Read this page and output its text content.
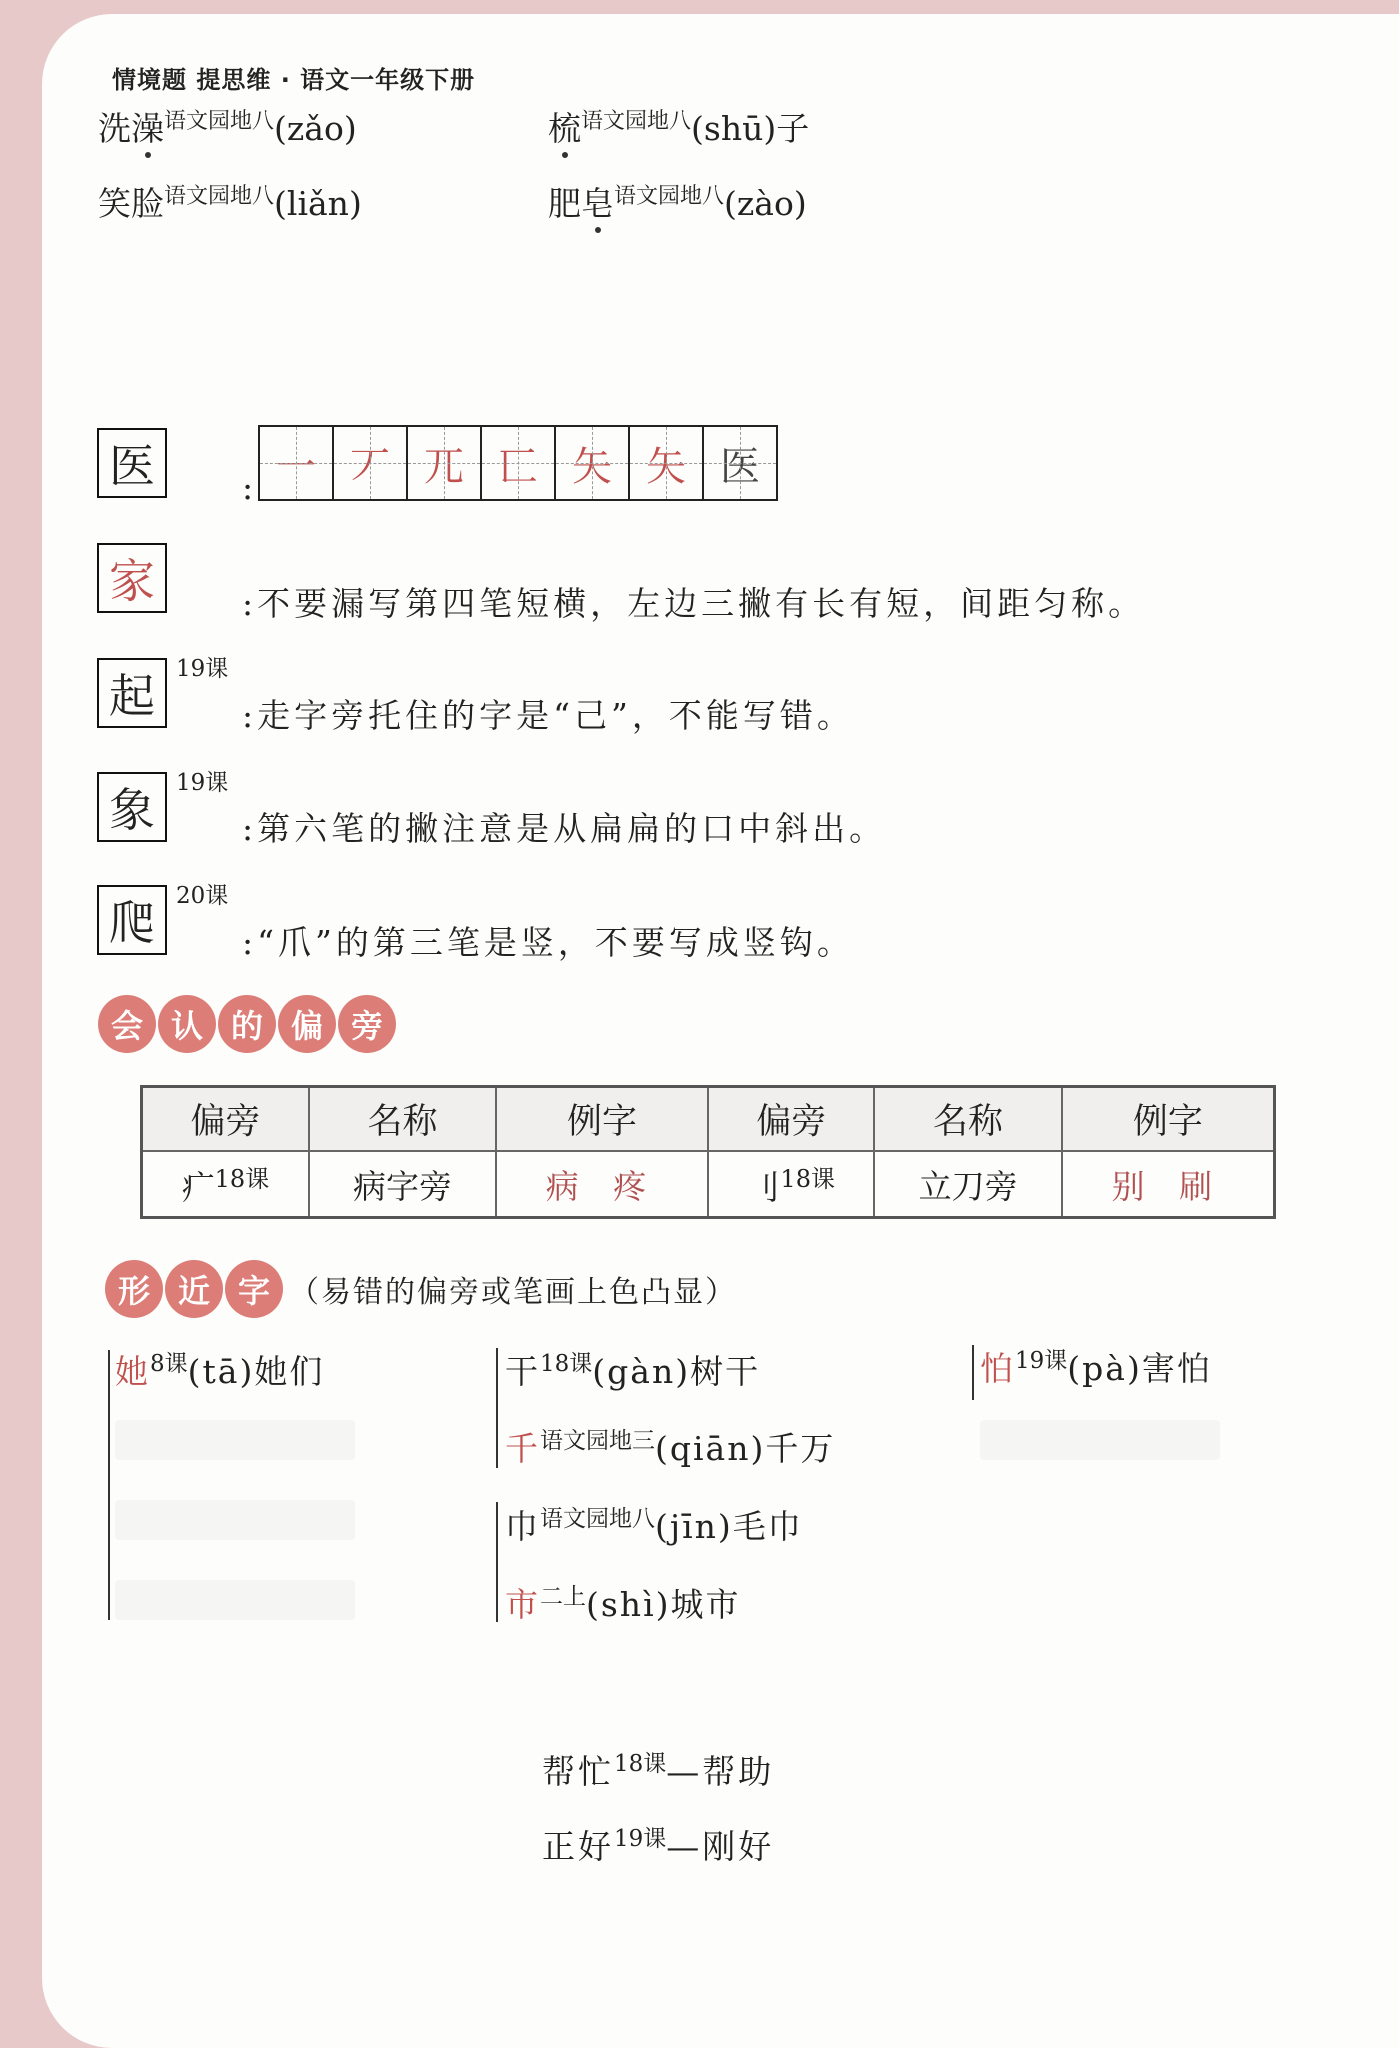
情境题 提思维 · 语文一年级下册
洗澡$^{语文园地八}$(zǎo)	梳$^{语文园地八}$(shū)子
笑脸$^{语文园地八}$(liǎn)	肥皂$^{语文园地八}$(zào)
医	: 一 丆 兀 匸 矢 矢 医
家	:不要漏写第四笔短横，左边三撇有长有短，间距匀称。
起 19课
:走字旁托住的字是“己”，不能写错。
象 19课
:第六笔的撇注意是从扁扁的口中斜出。
爬 20课
:“爪”的第三笔是竖，不要写成竖钩。
会 认 的 偏 旁
偏旁	名称	例字	偏旁	名称	例字
疒$^{18课}$	病字旁	病 疼	刂$^{18课}$	立刀旁	别 刷
形 近 字 （易错的偏旁或笔画上色凸显）
她$^{8课}$(tā)她们	干$^{18课}$(gàn)树干
千$^{语文园地三}$(qiān)千万
巾$^{语文园地八}$(jīn)毛巾
市$^{二上}$(shì)城市
怕$^{19课}$(pà)害怕
帮忙$^{18课}$—帮助
正好$^{19课}$—刚好
